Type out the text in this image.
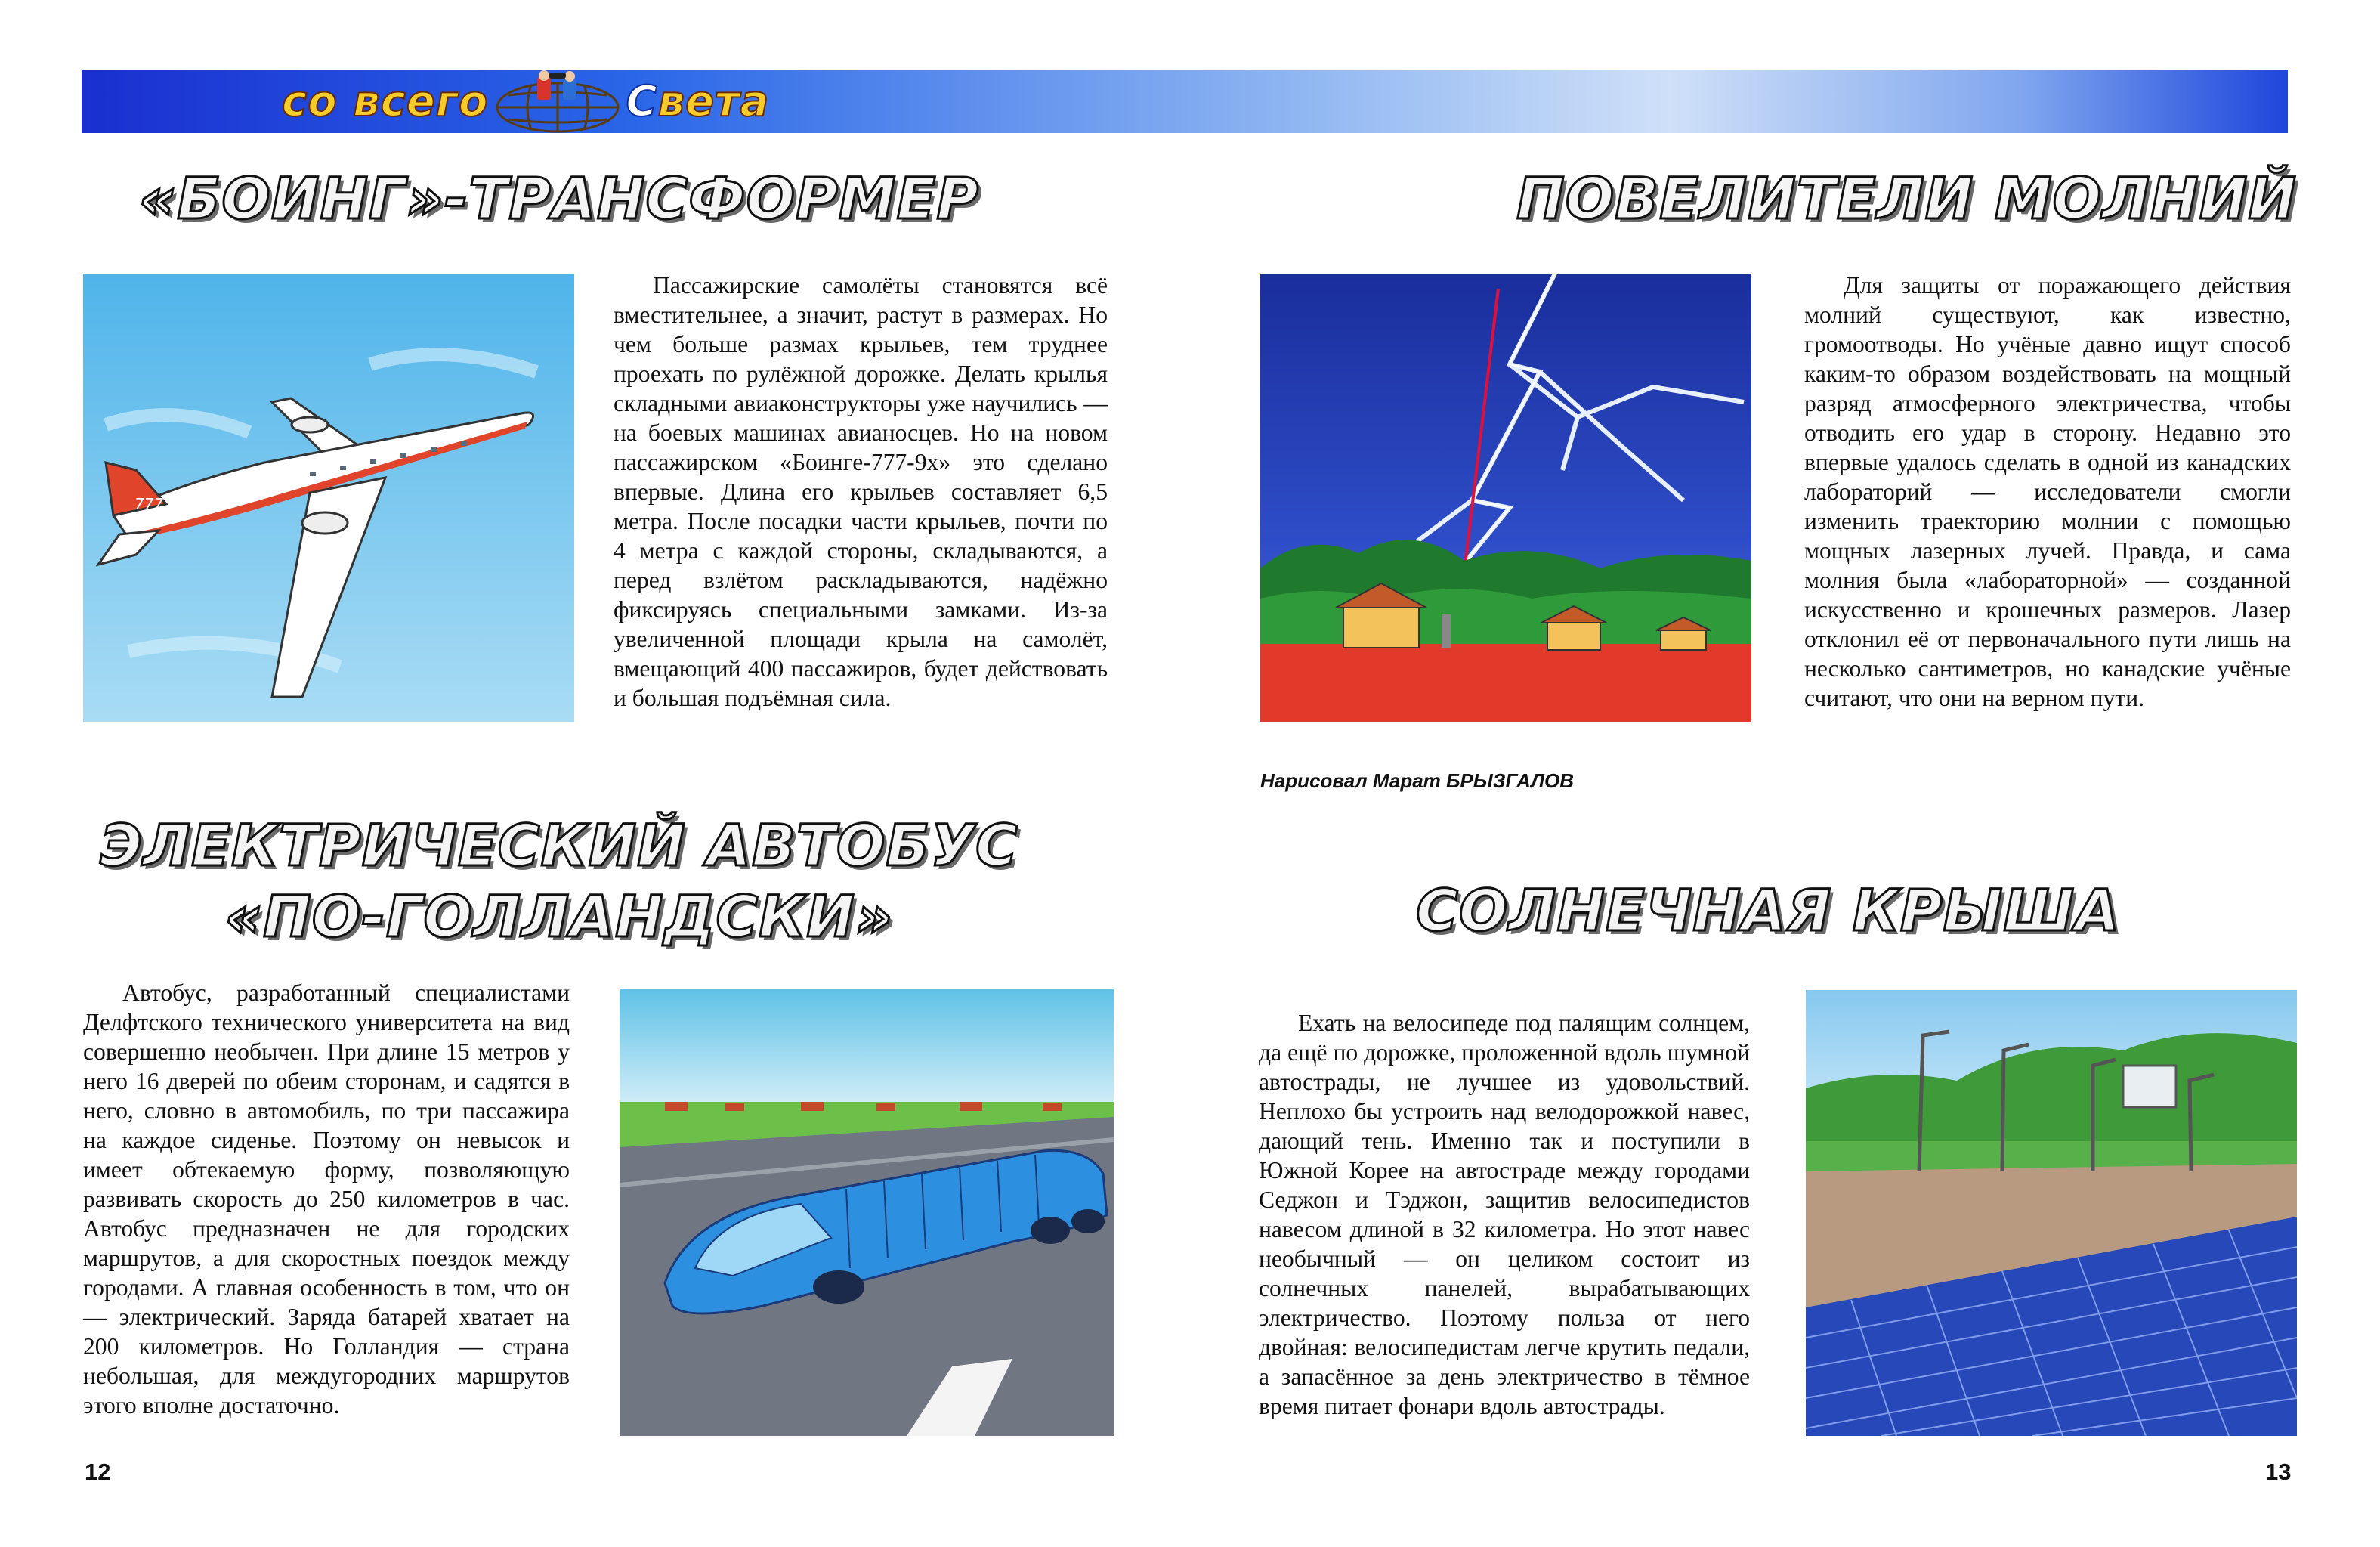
со всего	С вета
«БОИНГ»-ТРАНСФОРМЕР
777

Пассажирские самолёты становятся всё вместительнее, а значит, растут в размерах. Но чем больше размах крыльев, тем труднее проехать по рулёжной дорожке. Делать крылья складными авиаконструкторы уже научились — на боевых машинах авианосцев. Но на новом пассажирском «Боинге-777-9x» это сделано впервые. Длина его крыльев составляет 6,5 метра. После посадки части крыльев, почти по 4 метра с каждой стороны, складываются, а перед взлётом раскладываются, надёжно фиксируясь специальными замками. Из-за увеличенной площади крыла на самолёт, вмещающий 400 пассажиров, будет действовать и большая подъёмная сила.

ПОВЕЛИТЕЛИ МОЛНИЙ

Для защиты от поражающего действия молний существуют, как известно, громоотводы. Но учёные давно ищут способ каким-то образом воздействовать на мощный разряд атмосферного электричества, чтобы отводить его удар в сторону. Недавно это впервые удалось сделать в одной из канадских лабораторий — исследователи смогли изменить траекторию молнии с помощью мощных лазерных лучей. Правда, и сама молния была «лабораторной» — созданной искусственно и крошечных размеров. Лазер отклонил её от первоначального пути лишь на несколько сантиметров, но канадские учёные считают, что они на верном пути.

Нарисовал Марат БРЫЗГАЛОВ
ЭЛЕКТРИЧЕСКИЙ АВТОБУС
«ПО-ГОЛЛАНДСКИ»

Автобус, разработанный специалистами Делфтского технического университета на вид совершенно необычен. При длине 15 метров у него 16 дверей по обеим сторонам, и садятся в него, словно в автомобиль, по три пассажира на каждое сиденье. Поэтому он невысок и имеет обтекаемую форму, позволяющую развивать скорость до 250 километров в час. Автобус предназначен не для городских маршрутов, а для скоростных поездок между городами. А главная особенность в том, что он — электрический. Заряда батарей хватает на 200 километров. Но Голландия — страна небольшая, для междугородних маршрутов этого вполне достаточно.

СОЛНЕЧНАЯ КРЫША

Ехать на велосипеде под палящим солнцем, да ещё по дорожке, проложенной вдоль шумной автострады, не лучшее из удовольствий. Неплохо бы устроить над велодорожкой навес, дающий тень. Именно так и поступили в Южной Корее на автостраде между городами Седжон и Тэджон, защитив велосипедистов навесом длиной в 32 километра. Но этот навес необычный — он целиком состоит из солнечных панелей, вырабатывающих электричество. Поэтому польза от него двойная: велосипедистам легче крутить педали, а запасённое за день электричество в тёмное время питает фонари вдоль автострады.

12	13
